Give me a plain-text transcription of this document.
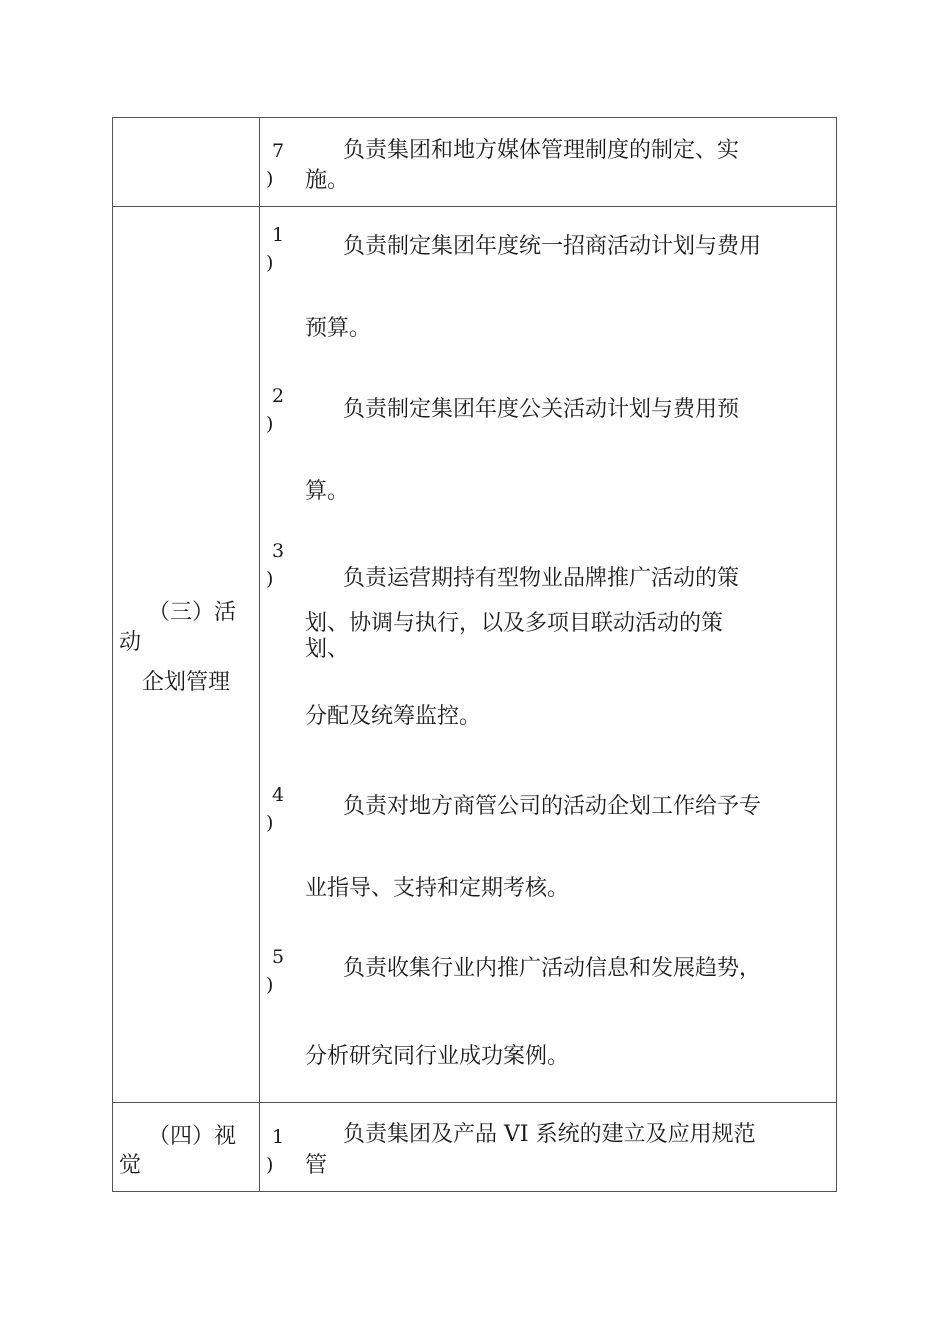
7
)
负责集团和地方媒体管理制度的制定、实
施。
（三）活
动
企划管理
1
)
负责制定集团年度统一招商活动计划与费用
预算。
2
)
负责制定集团年度公关活动计划与费用预
算。
3
)	负责运营期持有型物业品牌推广活动的策
划、协调与执行，以及多项目联动活动的策
划、
分配及统筹监控。
4
)
负责对地方商管公司的活动企划工作给予专
业指导、支持和定期考核。
5
)
负责收集行业内推广活动信息和发展趋势，
分析研究同行业成功案例。
（四）视
觉
1
)
负责集团及产品 VI 系统的建立及应用规范
管
